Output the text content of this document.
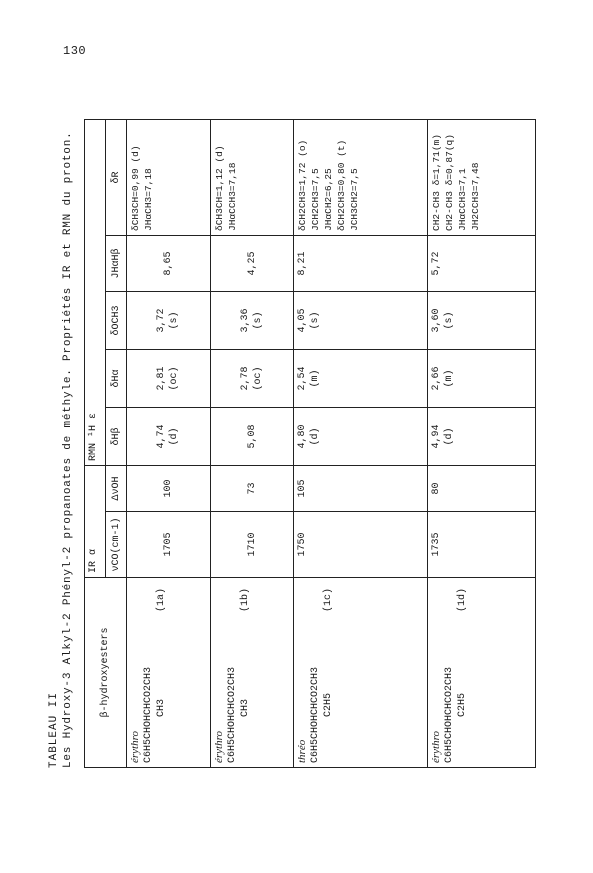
130
TABLEAU II Les Hydroxy-3 Alkyl-2 Phényl-2 propanoates de méthyle. Propriétés IR et RMN du proton.	β-hydroxyesters	IR α		RMN ¹H ε				
	νCO(cm-1)	ΔνOH	δHβ	δHα	δOCH3	JHαHβ	δR

érythro C6H5CHOHCHCO2CH3 CH3
(1a)	1705	100	4,74 (d)	2,81 (oc)	3,72 (s)	8,65	δCH3CH=0,99 (d) JHαCH3=7,18

érythro C6H5CHOHCHCO2CH3 CH3
(1b)	1710	73	5,08	2,78 (oc)	3,36 (s)	4,25	δCH3CH=1,12 (d) JHαCCH3=7,18

thréo C6H5CHOHCHCO2CH3 C2H5
(1c)	1750	105	4,80 (d)	2,54 (m)	4,05 (s)	8,21	δCH2CH3=1,72 (o) JCH2CH3=7,5 JHαCH2=6,25 δCH2CH3=0,80 (t) JCH3CH2=7,5

érythro C6H5CHOHCHCO2CH3 C2H5
(1d)	1735	80	4,94 (d)	2,66 (m)	3,60 (s)	5,72	CH2-CH3 δ=1,71(m) CH2-CH3 δ=0,87(q) JHαCCH3=7,1 JH2CCH3=7,48
